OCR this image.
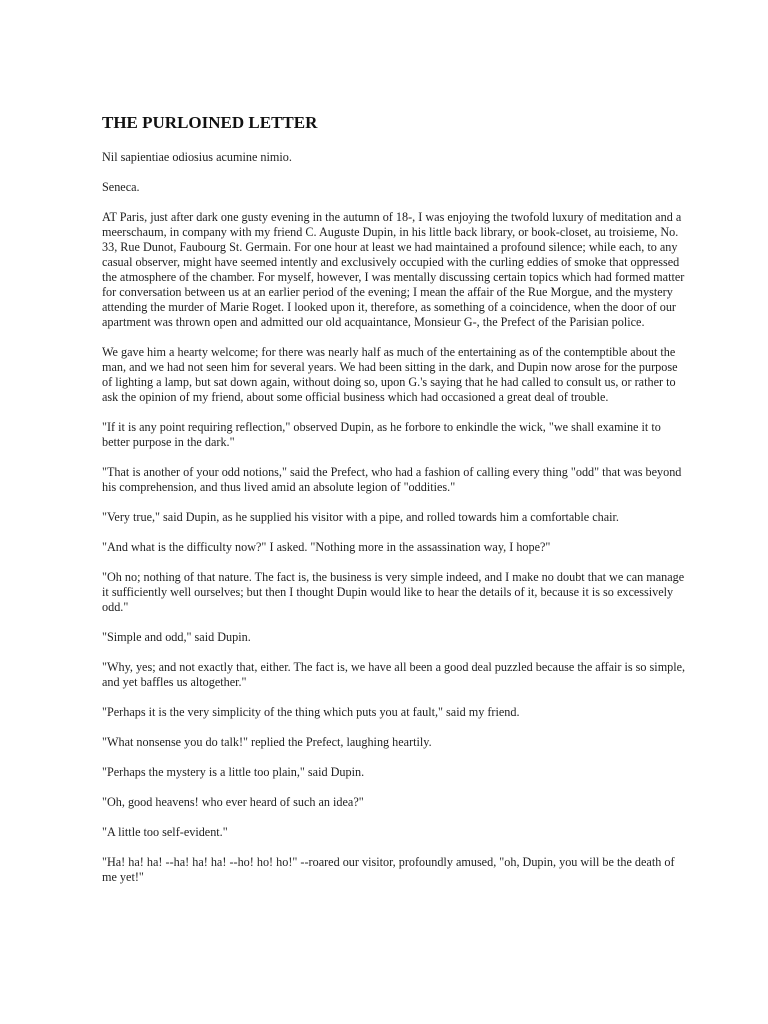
THE PURLOINED LETTER

Nil sapientiae odiosius acumine nimio.

Seneca.

AT Paris, just after dark one gusty evening in the autumn of 18-, I was enjoying the twofold luxury of meditation and a meerschaum, in company with my friend C. Auguste Dupin, in his little back library, or book-closet, au troisieme, No. 33, Rue Dunot, Faubourg St. Germain. For one hour at least we had maintained a profound silence; while each, to any casual observer, might have seemed intently and exclusively occupied with the curling eddies of smoke that oppressed the atmosphere of the chamber. For myself, however, I was mentally discussing certain topics which had formed matter for conversation between us at an earlier period of the evening; I mean the affair of the Rue Morgue, and the mystery attending the murder of Marie Roget. I looked upon it, therefore, as something of a coincidence, when the door of our apartment was thrown open and admitted our old acquaintance, Monsieur G-, the Prefect of the Parisian police.

We gave him a hearty welcome; for there was nearly half as much of the entertaining as of the contemptible about the man, and we had not seen him for several years. We had been sitting in the dark, and Dupin now arose for the purpose of lighting a lamp, but sat down again, without doing so, upon G.'s saying that he had called to consult us, or rather to ask the opinion of my friend, about some official business which had occasioned a great deal of trouble.

"If it is any point requiring reflection," observed Dupin, as he forbore to enkindle the wick, "we shall examine it to better purpose in the dark."

"That is another of your odd notions," said the Prefect, who had a fashion of calling every thing "odd" that was beyond his comprehension, and thus lived amid an absolute legion of "oddities."

"Very true," said Dupin, as he supplied his visitor with a pipe, and rolled towards him a comfortable chair.

"And what is the difficulty now?" I asked. "Nothing more in the assassination way, I hope?"

"Oh no; nothing of that nature. The fact is, the business is very simple indeed, and I make no doubt that we can manage it sufficiently well ourselves; but then I thought Dupin would like to hear the details of it, because it is so excessively odd."

"Simple and odd," said Dupin.

"Why, yes; and not exactly that, either. The fact is, we have all been a good deal puzzled because the affair is so simple, and yet baffles us altogether."

"Perhaps it is the very simplicity of the thing which puts you at fault," said my friend.

"What nonsense you do talk!" replied the Prefect, laughing heartily.

"Perhaps the mystery is a little too plain," said Dupin.

"Oh, good heavens! who ever heard of such an idea?"

"A little too self-evident."

"Ha! ha! ha! --ha! ha! ha! --ho! ho! ho!" --roared our visitor, profoundly amused, "oh, Dupin, you will be the death of me yet!"
